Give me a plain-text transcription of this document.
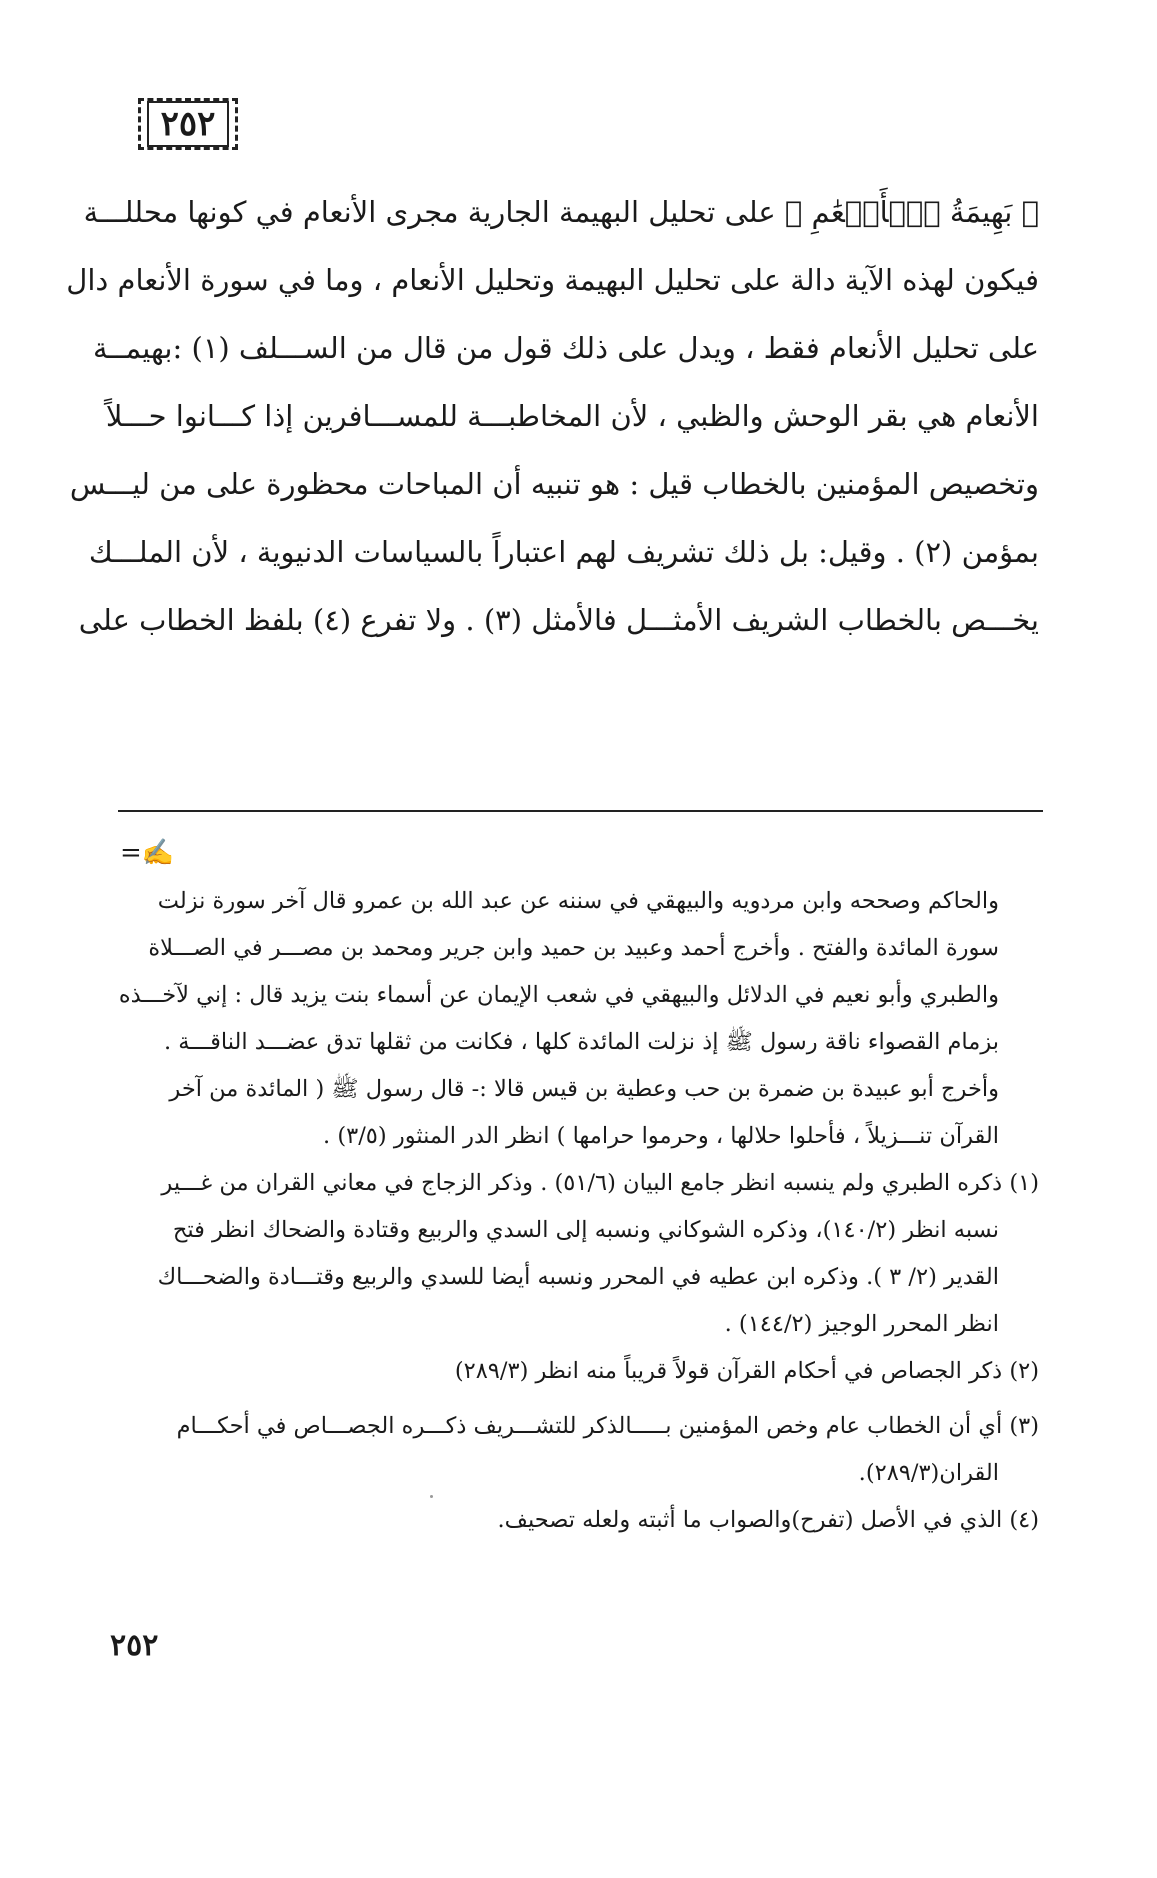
٢٥٢
﴿ بَهِيمَةُ ٱلۡأَنۡعَٰمِ ﴾ على تحليل البهيمة الجارية مجرى الأنعام في كونها محللـــة
فيكون لهذه الآية دالة على تحليل البهيمة وتحليل الأنعام ، وما في سورة الأنعام دال
على تحليل الأنعام فقط ، ويدل على ذلك قول من قال من الســـلف (١) :بهيمــة
الأنعام هي بقر الوحش والظبي ، لأن المخاطبـــة للمســـافرين إذا كـــانوا حـــلاً
وتخصيص المؤمنين بالخطاب قيل : هو تنبيه أن المباحات محظورة على من ليـــس
بمؤمن (٢) . وقيل: بل ذلك تشريف لهم اعتباراً بالسياسات الدنيوية ، لأن الملـــك
يخـــص بالخطاب الشريف الأمثـــل فالأمثل (٣) . ولا تفرع (٤) بلفظ الخطاب على
✍=
والحاكم وصححه وابن مردويه والبيهقي في سننه عن عبد الله بن عمرو قال آخر سورة نزلت
سورة المائدة والفتح . وأخرج أحمد وعبيد بن حميد وابن جرير ومحمد بن مصـــر في الصـــلاة
والطبري وأبو نعيم في الدلائل والبيهقي في شعب الإيمان عن أسماء بنت يزيد قال : إني لآخـــذه
بزمام القصواء ناقة رسول ﷺ إذ نزلت المائدة كلها ، فكانت من ثقلها تدق عضـــد الناقـــة .
وأخرج أبو عبيدة بن ضمرة بن حب وعطية بن قيس قالا :- قال رسول ﷺ ( المائدة من آخر
القرآن تنـــزيلاً ، فأحلوا حلالها ، وحرموا حرامها ) انظر الدر المنثور (٣/٥) .
(١) ذكره الطبري ولم ينسبه انظر جامع البيان (٥١/٦) . وذكر الزجاج في معاني القران من غـــير
نسبه انظر (١٤٠/٢)، وذكره الشوكاني ونسبه إلى السدي والربيع وقتادة والضحاك انظر فتح
القدير (٢/ ٣ ). وذكره ابن عطيه في المحرر ونسبه أيضا للسدي والربيع وقتـــادة والضحـــاك
انظر المحرر الوجيز (١٤٤/٢) .
(٢) ذكر الجصاص في أحكام القرآن قولاً قريباً منه انظر (٢٨٩/٣)
(٣) أي أن الخطاب عام وخص المؤمنين بـــــالذكر للتشـــريف ذكـــره الجصـــاص في أحكـــام
القران(٢٨٩/٣).
(٤) الذي في الأصل (تفرح)والصواب ما أثبته ولعله تصحيف.
٢٥٢
